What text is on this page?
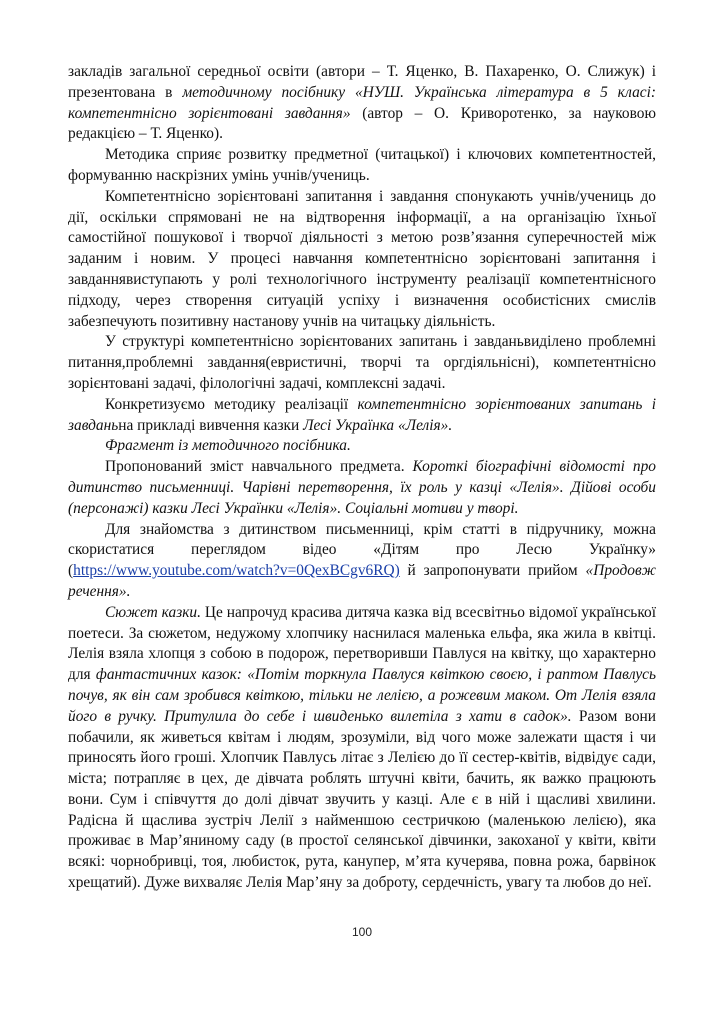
закладів загальної середньої освіти (автори – Т. Яценко, В. Пахаренко, О. Слижук) і презентована в методичному посібнику «НУШ. Українська література в 5 класі: компетентнісно зорієнтовані завдання» (автор – О. Криворотенко, за науковою редакцією – Т. Яценко).

Методика сприяє розвитку предметної (читацької) і ключових компетентностей, формуванню наскрізних умінь учнів/учениць.

Компетентнісно зорієнтовані запитання і завдання спонукають учнів/учениць до дії, оскільки спрямовані не на відтворення інформації, а на організацію їхньої самостійної пошукової і творчої діяльності з метою розв’язання суперечностей між заданим і новим. У процесі навчання компетентнісно зорієнтовані запитання і завданнявиступають у ролі технологічного інструменту реалізації компетентнісного підходу, через створення ситуацій успіху і визначення особистісних смислів забезпечують позитивну настанову учнів на читацьку діяльність.

У структурі компетентнісно зорієнтованих запитань і завданьвиділено проблемні питання,проблемні завдання(евристичні, творчі та оргдіяльнісні), компетентнісно зорієнтовані задачі, філологічні задачі, комплексні задачі.

Конкретизуємо методику реалізації компетентнісно зорієнтованих запитань і завданьна прикладі вивчення казки Лесі Українка «Лелія».

Фрагмент із методичного посібника.

Пропонований зміст навчального предмета. Короткі біографічні відомості про дитинство письменниці. Чарівні перетворення, їх роль у казці «Лелія». Дійові особи (персонажі) казки Лесі Українки «Лелія». Соціальні мотиви у творі.

Для знайомства з дитинством письменниці, крім статті в підручнику, можна скористатися переглядом відео «Дітям про Лесю Українку» (https://www.youtube.com/watch?v=0QexBCgv6RQ) й запропонувати прийом «Продовж речення».

Сюжет казки. Це напрочуд красива дитяча казка від всесвітньо відомої української поетеси. За сюжетом, недужому хлопчику наснилася маленька ельфа, яка жила в квітці. Лелія взяла хлопця з собою в подорож, перетворивши Павлуся на квітку, що характерно для фантастичних казок: «Потім торкнула Павлуся квіткою своєю, і раптом Павлусь почув, як він сам зробився квіткою, тільки не лелією, а рожевим маком. От Лелія взяла його в ручку. Притулила до себе і швиденько вилетіла з хати в садок». Разом вони побачили, як живеться квітам і людям, зрозуміли, від чого може залежати щастя і чи приносять його гроші. Хлопчик Павлусь літає з Лелією до її сестер-квітів, відвідує сади, міста; потрапляє в цех, де дівчата роблять штучні квіти, бачить, як важко працюють вони. Сум і співчуття до долі дівчат звучить у казці. Але є в ній і щасливі хвилини. Радісна й щаслива зустріч Лелії з найменшою сестричкою (маленькою лелією), яка проживає в Мар’яниному саду (в простої селянської дівчинки, закоханої у квіти, квіти всякі: чорнобривці, тоя, любисток, рута, канупер, м’ята кучерява, повна рожа, барвінок хрещатий). Дуже вихваляє Лелія Мар’яну за доброту, сердечність, увагу та любов до неї.

100
